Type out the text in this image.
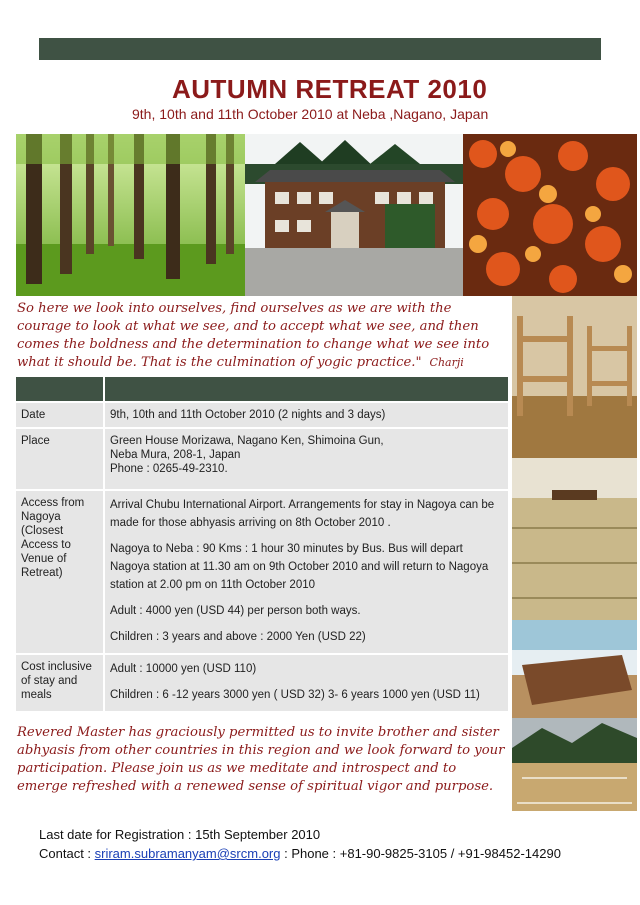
AUTUMN RETREAT 2010
9th, 10th and 11th October 2010 at Neba ,Nagano, Japan
So here we look into ourselves, find ourselves as we are with the courage to look at what we see, and to accept what we see, and then comes the boldness and the determination to change what we see into what it should be. That is the culmination of yogic practice." Charji

Date	9th, 10th and 11th October 2010 (2 nights and 3 days)
Place	Green House Morizawa, Nagano Ken, Shimoina Gun,
Neba Mura, 208-1, Japan
Phone : 0265-49-2310.

Access from Nagoya (Closest Access to Venue of Retreat)	Arrival Chubu International Airport. Arrangements for stay in Nagoya can be made for those abhyasis arriving on 8th October 2010 .

Nagoya to Neba : 90 Kms : 1 hour 30 minutes by Bus. Bus will depart Nagoya station at 11.30 am on 9th October 2010 and will return to Nagoya station at 2.00 pm on 11th October 2010

Adult : 4000 yen (USD 44) per person both ways.

Children : 3 years and above : 2000 Yen (USD 22)

Cost inclusive of stay and meals	Adult : 10000 yen (USD 110)

Children : 6 -12 years 3000 yen ( USD 32) 3- 6 years 1000 yen (USD 11)

Revered Master has graciously permitted us to invite brother and sister abhyasis from other countries in this region and we look forward to your participation. Please join us as we meditate and introspect and to emerge refreshed with a renewed sense of spiritual vigor and purpose.
Last date for Registration : 15th September 2010
Contact : sriram.subramanyam@srcm.org : Phone : +81-90-9825-3105 / +91-98452-14290
